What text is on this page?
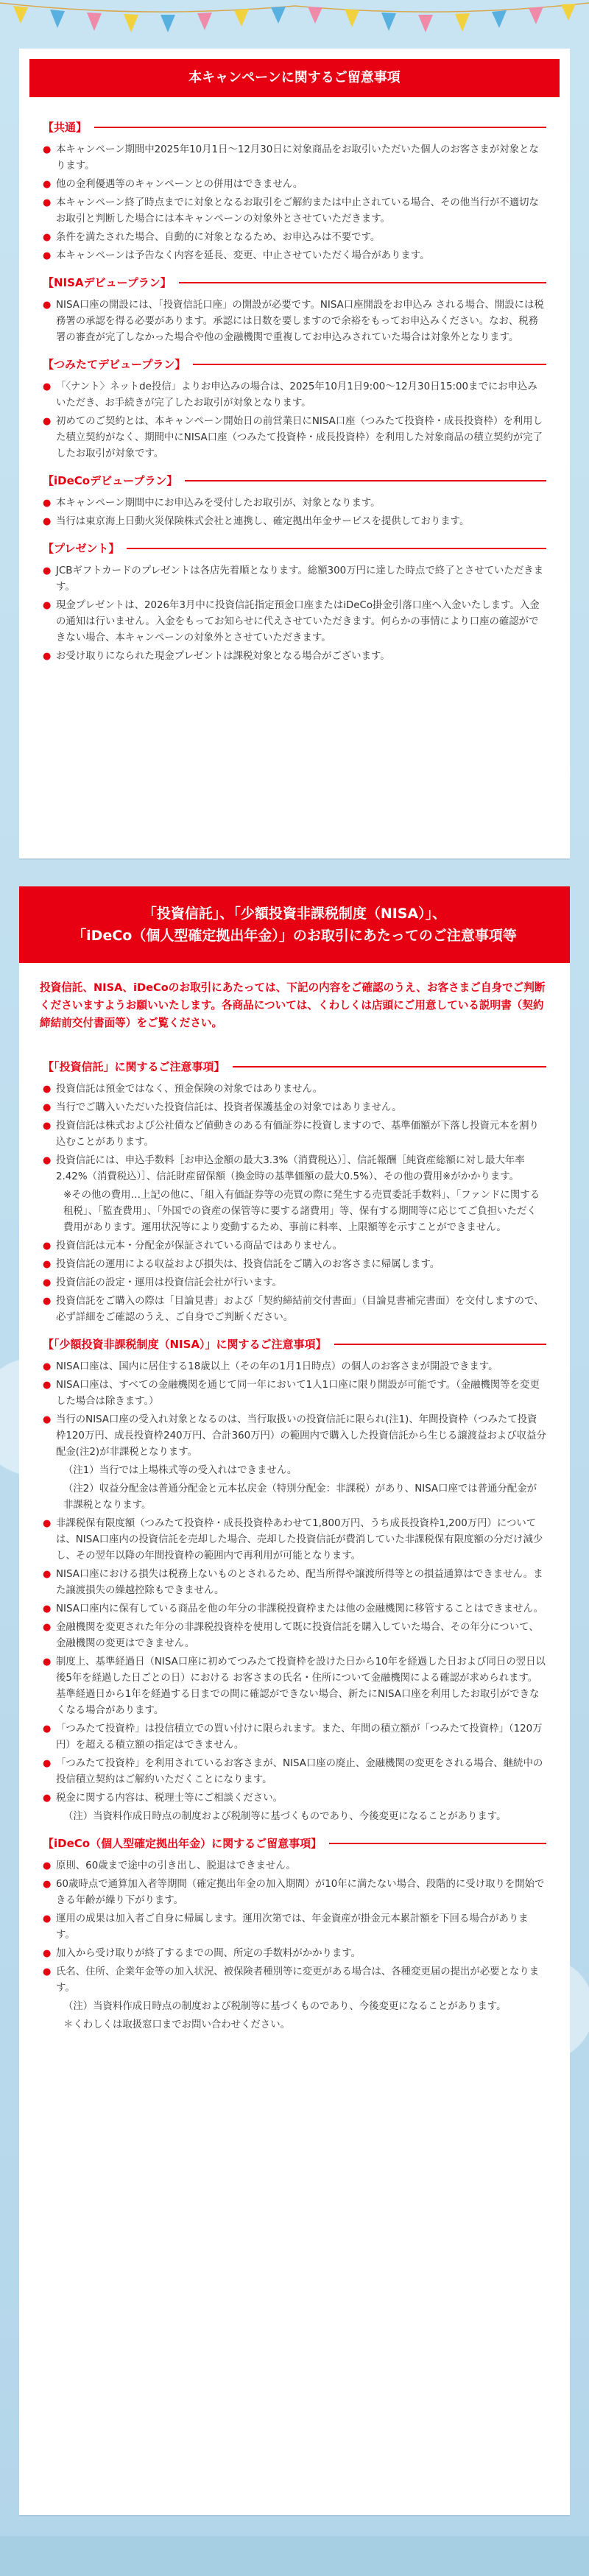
本キャンペーンに関するご留意事項
【共通】
● 本キャンペーン期間中2025年10月1日～12月30日に対象商品をお取引いただいた個人のお客さまが対象となります。
● 他の金利優遇等のキャンペーンとの併用はできません。
● 本キャンペーン終了時点までに対象となるお取引をご解約または中止されている場合、その他当行が不適切なお取引と判断した場合には本キャンペーンの対象外とさせていただきます。
● 条件を満たされた場合、自動的に対象となるため、お申込みは不要です。
● 本キャンペーンは予告なく内容を延長、変更、中止させていただく場合があります。
【NISAデビュープラン】
● NISA口座の開設には、「投資信託口座」の開設が必要です。NISA口座開設をお申込み される場合、開設には税務署の承認を得る必要があります。承認には日数を要しますので余裕をもってお申込みください。なお、税務署の審査が完了しなかった場合や他の金融機関で重複してお申込みされていた場合は対象外となります。
【つみたてデビュープラン】
● 「〈ナント〉ネットde投信」よりお申込みの場合は、2025年10月1日9:00～12月30日15:00までにお申込みいただき、お手続きが完了したお取引が対象となります。
● 初めてのご契約とは、本キャンペーン開始日の前営業日にNISA口座（つみたて投資枠・成長投資枠）を利用した積立契約がなく、期間中にNISA口座（つみたて投資枠・成長投資枠）を利用した対象商品の積立契約が完了したお取引が対象です。
【iDeCoデビュープラン】
● 本キャンペーン期間中にお申込みを受付したお取引が、対象となります。
● 当行は東京海上日動火災保険株式会社と連携し、確定拠出年金サービスを提供しております。
【プレゼント】
● JCBギフトカードのプレゼントは各店先着順となります。総額300万円に達した時点で終了とさせていただきます。
● 現金プレゼントは、2026年3月中に投資信託指定預金口座またはiDeCo掛金引落口座へ入金いたします。入金の通知は行いません。入金をもってお知らせに代えさせていただきます。何らかの事情により口座の確認ができない場合、本キャンペーンの対象外とさせていただきます。
● お受け取りになられた現金プレゼントは課税対象となる場合がございます。
「投資信託」、「少額投資非課税制度（NISA）」、
「iDeCo（個人型確定拠出年金）」のお取引にあたってのご注意事項等
投資信託、NISA、iDeCoのお取引にあたっては、下記の内容をご確認のうえ、お客さまご自身でご判断くださいますようお願いいたします。各商品については、くわしくは店頭にご用意している説明書（契約締結前交付書面等）をご覧ください。
【「投資信託」に関するご注意事項】
● 投資信託は預金ではなく、預金保険の対象ではありません。
● 当行でご購入いただいた投資信託は、投資者保護基金の対象ではありません。
● 投資信託は株式および公社債など値動きのある有価証券に投資しますので、基準価額が下落し投資元本を割り込むことがあります。
● 投資信託には、申込手数料［お申込金額の最大3.3%（消費税込）］、信託報酬［純資産総額に対し最大年率2.42%（消費税込）］、信託財産留保額（換金時の基準価額の最大0.5%）、その他の費用※がかかります。
※その他の費用…上記の他に、「組入有価証券等の売買の際に発生する売買委託手数料」、「ファンドに関する租税」、「監査費用」、「外国での資産の保管等に要する諸費用」等、保有する期間等に応じてご負担いただく費用があります。運用状況等により変動するため、事前に料率、上限額等を示すことができません。
● 投資信託は元本・分配金が保証されている商品ではありません。
● 投資信託の運用による収益および損失は、投資信託をご購入のお客さまに帰属します。
● 投資信託の設定・運用は投資信託会社が行います。
● 投資信託をご購入の際は「目論見書」および「契約締結前交付書面」（目論見書補完書面）を交付しますので、必ず詳細をご確認のうえ、ご自身でご判断ください。
【「少額投資非課税制度（NISA）」に関するご注意事項】
● NISA口座は、国内に居住する18歳以上（その年の1月1日時点）の個人のお客さまが開設できます。
● NISA口座は、すべての金融機関を通じて同一年において1人1口座に限り開設が可能です。（金融機関等を変更した場合は除きます。）
● 当行のNISA口座の受入れ対象となるのは、当行取扱いの投資信託に限られ(注1)、年間投資枠（つみたて投資枠120万円、成長投資枠240万円、合計360万円）の範囲内で購入した投資信託から生じる譲渡益および収益分配金(注2)が非課税となります。
（注1）当行では上場株式等の受入れはできません。
（注2）収益分配金は普通分配金と元本払戻金（特別分配金：非課税）があり、NISA口座では普通分配金が非課税となります。
● 非課税保有限度額（つみたて投資枠・成長投資枠あわせて1,800万円、うち成長投資枠1,200万円）については、NISA口座内の投資信託を売却した場合、売却した投資信託が費消していた非課税保有限度額の分だけ減少し、その翌年以降の年間投資枠の範囲内で再利用が可能となります。
● NISA口座における損失は税務上ないものとされるため、配当所得や譲渡所得等との損益通算はできません。また譲渡損失の繰越控除もできません。
● NISA口座内に保有している商品を他の年分の非課税投資枠または他の金融機関に移管することはできません。
● 金融機関を変更された年分の非課税投資枠を使用して既に投資信託を購入していた場合、その年分について、金融機関の変更はできません。
● 制度上、基準経過日（NISA口座に初めてつみたて投資枠を設けた日から10年を経過した日および同日の翌日以後5年を経過した日ごとの日）における お客さまの氏名・住所について金融機関による確認が求められます。基準経過日から1年を経過する日までの間に確認ができない場合、新たにNISA口座を利用したお取引ができなくなる場合があります。
● 「つみたて投資枠」は投信積立での買い付けに限られます。また、年間の積立額が「つみたて投資枠」（120万円）を超える積立額の指定はできません。
● 「つみたて投資枠」を利用されているお客さまが、NISA口座の廃止、金融機関の変更をされる場合、継続中の投信積立契約はご解約いただくことになります。
● 税金に関する内容は、税理士等にご相談ください。
（注）当資料作成日時点の制度および税制等に基づくものであり、今後変更になることがあります。
【iDeCo（個人型確定拠出年金）に関するご留意事項】
● 原則、60歳まで途中の引き出し、脱退はできません。
● 60歳時点で通算加入者等期間（確定拠出年金の加入期間）が10年に満たない場合、段階的に受け取りを開始できる年齢が繰り下がります。
● 運用の成果は加入者ご自身に帰属します。運用次第では、年金資産が掛金元本累計額を下回る場合があります。
● 加入から受け取りが終了するまでの間、所定の手数料がかかります。
● 氏名、住所、企業年金等の加入状況、被保険者種別等に変更がある場合は、各種変更届の提出が必要となります。
（注）当資料作成日時点の制度および税制等に基づくものであり、今後変更になることがあります。
＊くわしくは取扱窓口までお問い合わせください。
